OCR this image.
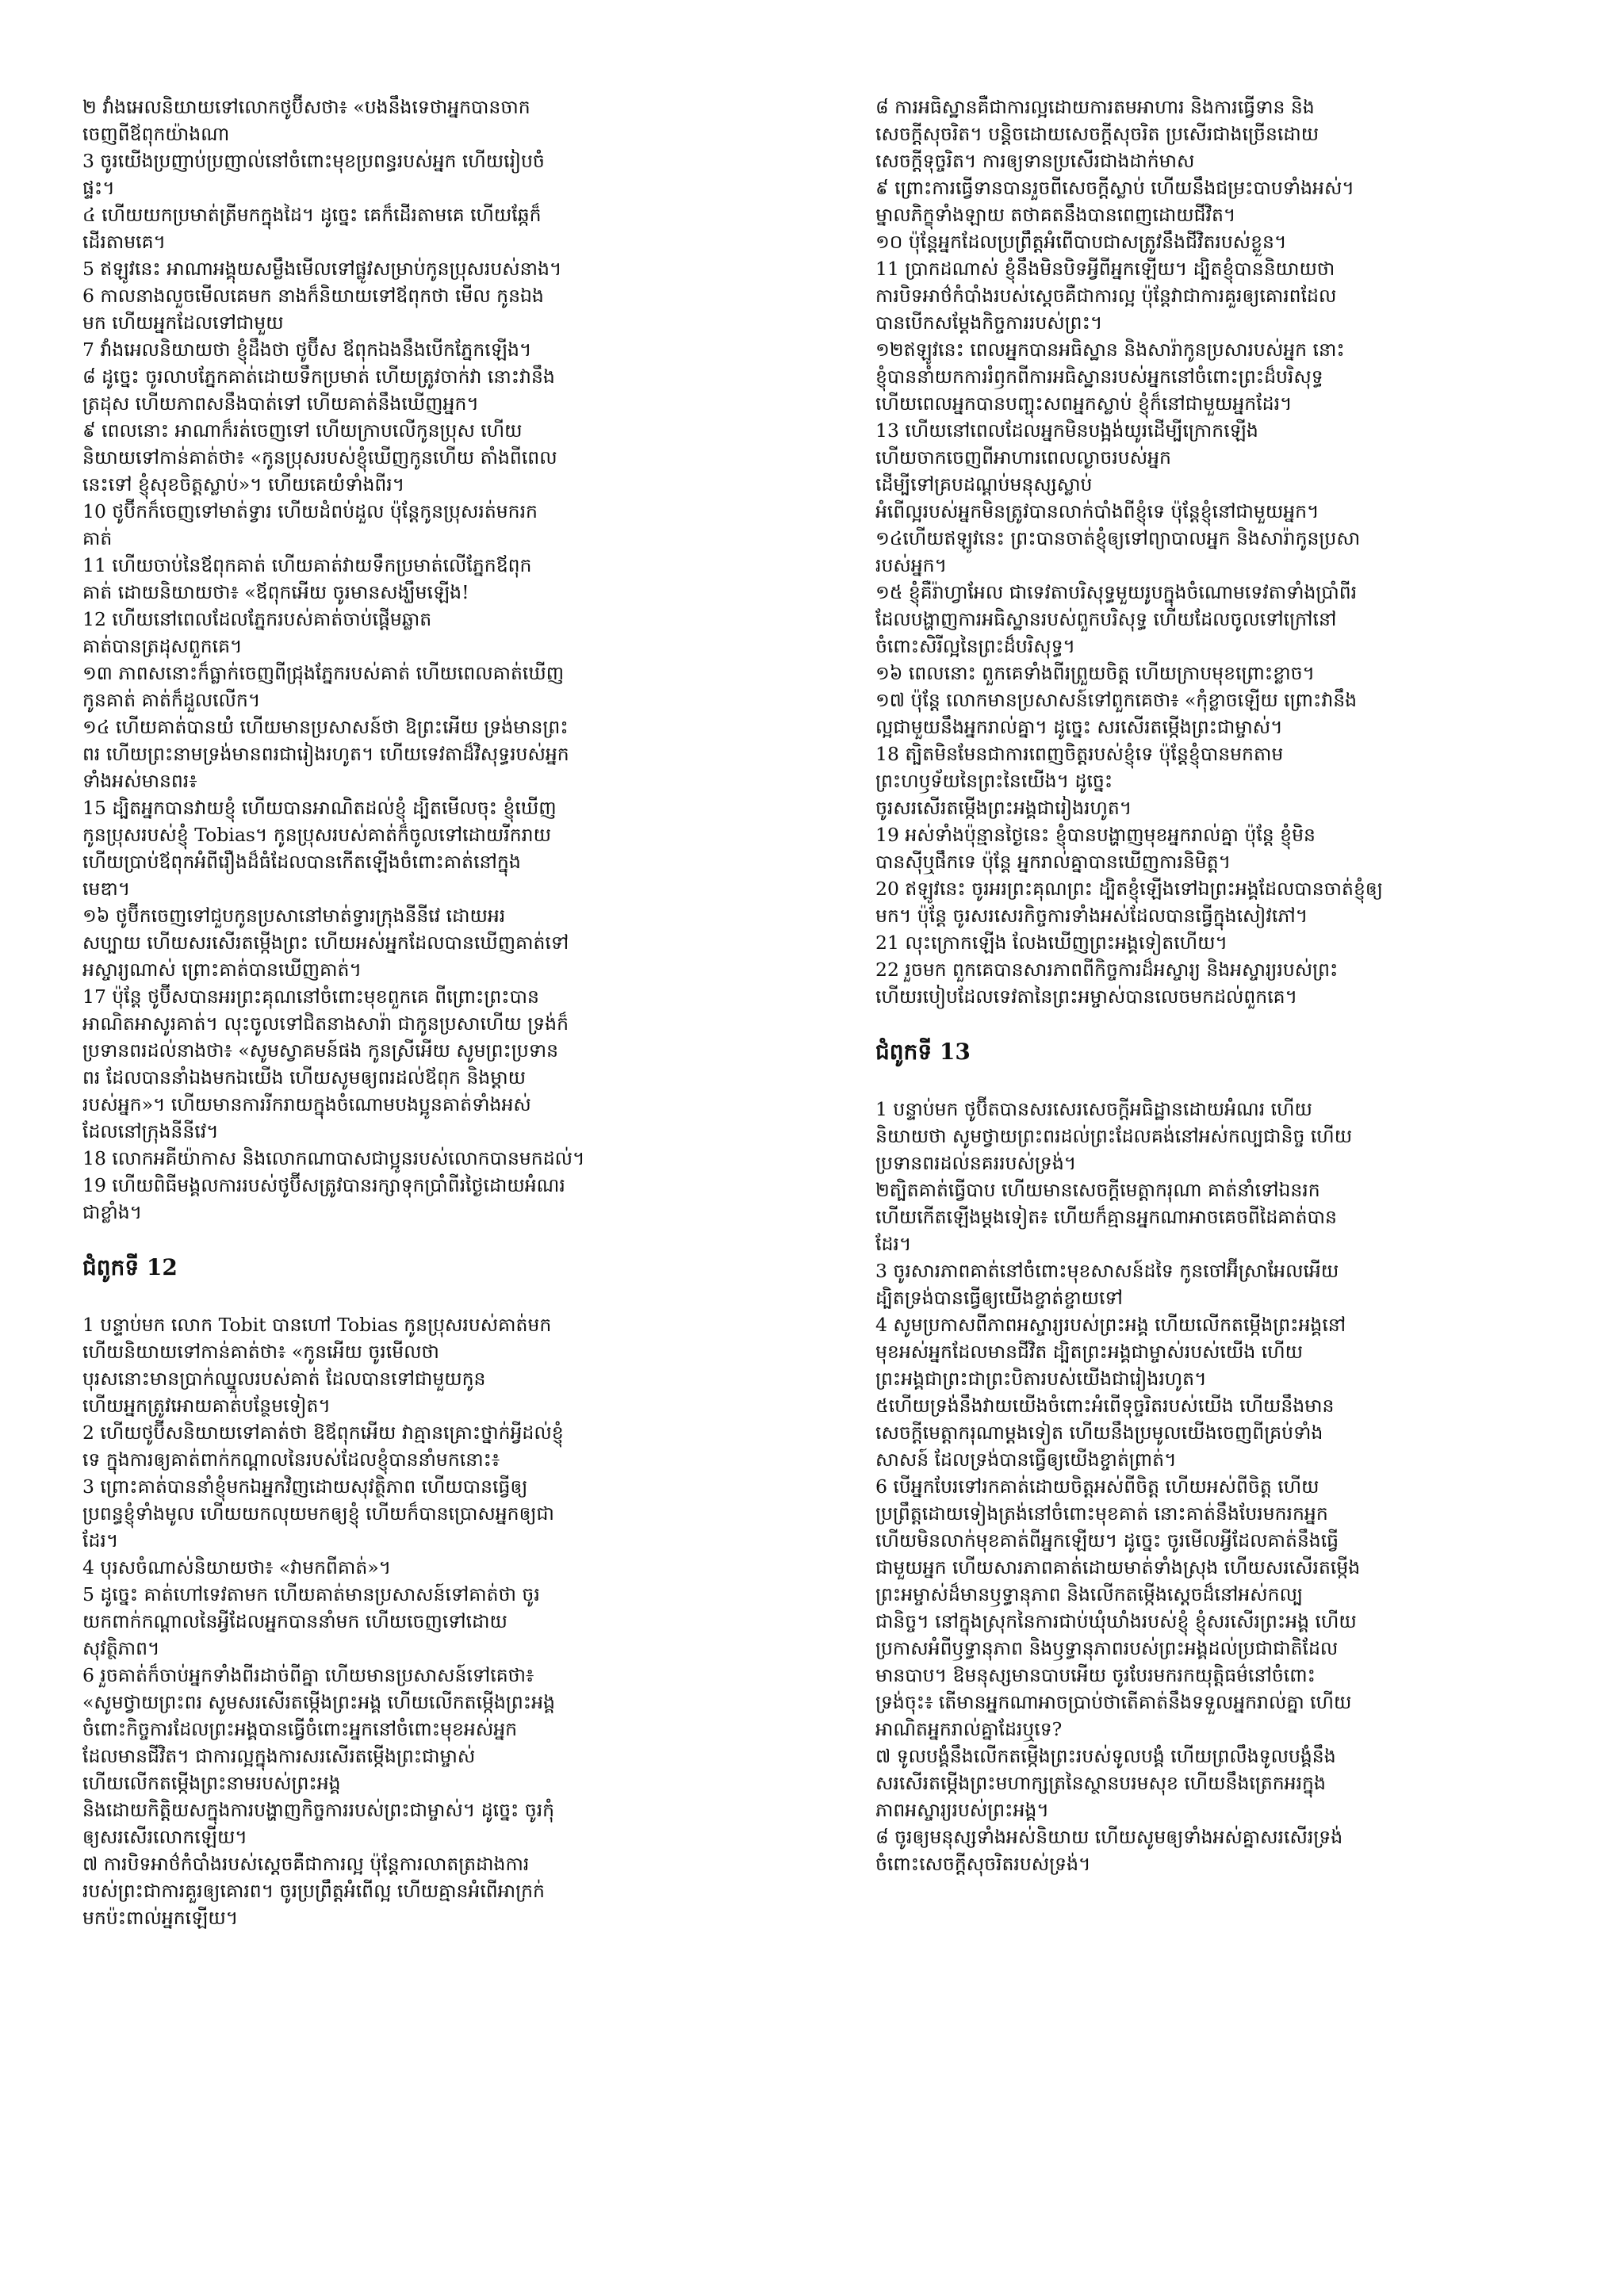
២ វាំងអេលនិយាយទៅលោកថូប៊ីសថា៖ «បងនឹងទេថាអ្នកបានចាក
ចេញពីឪពុកយ៉ាងណា

3 ចូរយើងប្រញាប់ប្រញាល់នៅចំពោះមុខប្រពន្ធរបស់អ្នក ហើយរៀបចំ
ផ្ទះ។

៤ ហើយយកប្រមាត់ត្រីមកក្នុងដៃ។ ដូច្នេះ គេក៏ដើរតាមគេ ហើយឆ្កែក៏
ដើរតាមគេ។

5 ឥឡូវនេះ អាណាអង្គុយសម្លឹងមើលទៅផ្លូវសម្រាប់កូនប្រុសរបស់នាង។

6 កាលនាងលួចមើលគេមក នាងក៏និយាយទៅឪពុកថា មើល កូនឯង
មក ហើយអ្នកដែលទៅជាមួយ

7 វាំងអេលនិយាយថា ខ្ញុំដឹងថា ថូប៊ីស ឪពុកឯងនឹងបើកភ្នែកឡើង។

៨ ដូច្នេះ ចូរលាបភ្នែកគាត់ដោយទឹកប្រមាត់ ហើយត្រូវចាក់វា នោះវានឹង
ត្រដុស ហើយភាពសនឹងបាត់ទៅ ហើយគាត់នឹងឃើញអ្នក។

៩ ពេលនោះ អាណាក៏រត់ចេញទៅ ហើយក្រាបលើកូនប្រុស ហើយ
និយាយទៅកាន់គាត់ថា៖ «កូនប្រុសរបស់ខ្ញុំឃើញកូនហើយ តាំងពីពេល
នេះទៅ ខ្ញុំសុខចិត្តស្លាប់»។ ហើយគេយំទាំងពីរ។

10 ថូប៊ីកក៏ចេញទៅមាត់ទ្វារ ហើយដំពប់ដួល ប៉ុន្តែកូនប្រុសរត់មករក
គាត់

11 ហើយចាប់នៃឪពុកគាត់ ហើយគាត់វាយទឹកប្រមាត់លើភ្នែកឪពុក
គាត់ ដោយនិយាយថា៖ «ឪពុកអើយ ចូរមានសង្ឃឹមឡើង!

12 ហើយនៅពេលដែលភ្នែករបស់គាត់ចាប់ផ្តើមឆ្លាត
គាត់បានត្រដុសពួកគេ។

១៣ ភាពសនោះក៏ធ្លាក់ចេញពីជ្រុងភ្នែករបស់គាត់ ហើយពេលគាត់ឃើញ
កូនគាត់ គាត់ក៏ដួលលើក។

១៤ ហើយគាត់បានយំ ហើយមានប្រសាសន៍ថា ឱព្រះអើយ ទ្រង់មានព្រះ
ពរ ហើយព្រះនាមទ្រង់មានពរជារៀងរហូត។ ហើយទេវតាដ៏វិសុទ្ធរបស់អ្នក
ទាំងអស់មានពរ៖

15 ដ្បិតអ្នកបានវាយខ្ញុំ ហើយបានអាណិតដល់ខ្ញុំ ដ្បិតមើលចុះ ខ្ញុំឃើញ
កូនប្រុសរបស់ខ្ញុំ Tobias។ កូនប្រុសរបស់គាត់ក៏ចូលទៅដោយរីករាយ
ហើយប្រាប់ឪពុកអំពីរឿងដ៏ធំដែលបានកើតឡើងចំពោះគាត់នៅក្នុង
មេឌា។

១៦ ថូប៊ីកចេញទៅជួបកូនប្រសានៅមាត់ទ្វារក្រុងនីនីវេ ដោយអរ
សប្បាយ ហើយសរសើរតម្កើងព្រះ ហើយអស់អ្នកដែលបានឃើញគាត់ទៅ
អស្ចារ្យណាស់ ព្រោះគាត់បានឃើញគាត់។

17 ប៉ុន្តែ ថូប៊ីសបានអរព្រះគុណនៅចំពោះមុខពួកគេ ពីព្រោះព្រះបាន
អាណិតអាសូរគាត់។ លុះចូលទៅជិតនាងសារ៉ា ជាកូនប្រសាហើយ ទ្រង់ក៏
ប្រទានពរដល់នាងថា៖ «សូមស្វាគមន៍ផង កូនស្រីអើយ សូមព្រះប្រទាន
ពរ ដែលបាននាំឯងមកឯយើង ហើយសូមឲ្យពរដល់ឪពុក និងម្ដាយ
របស់អ្នក»។ ហើយមានការរីករាយក្នុងចំណោមបងប្អូនគាត់ទាំងអស់
ដែលនៅក្រុងនីនីវេ។

18 លោកអគីយ៉ាកាស និងលោកណាបាសជាប្អូនរបស់លោកបានមកដល់។

19 ហើយពិធីមង្គលការរបស់ថូប៊ីសត្រូវបានរក្សាទុកប្រាំពីរថ្ងៃដោយអំណរ
ជាខ្លាំង។

ជំពូកទី 12

1 បន្ទាប់មក លោក Tobit បានហៅ Tobias កូនប្រុសរបស់គាត់មក
ហើយនិយាយទៅកាន់គាត់ថា៖ «កូនអើយ ចូរមើលថា
បុរសនោះមានប្រាក់ឈ្នួលរបស់គាត់ ដែលបានទៅជាមួយកូន
ហើយអ្នកត្រូវអោយគាត់បន្ថែមទៀត។

2 ហើយថូប៊ីសនិយាយទៅគាត់ថា ឱឪពុកអើយ វាគ្មានគ្រោះថ្នាក់អ្វីដល់ខ្ញុំ
ទេ ក្នុងការឲ្យគាត់ពាក់កណ្ដាលនៃរបស់ដែលខ្ញុំបាននាំមកនោះ៖

3 ព្រោះគាត់បាននាំខ្ញុំមកឯអ្នកវិញដោយសុវត្ថិភាព ហើយបានធ្វើឲ្យ
ប្រពន្ធខ្ញុំទាំងមូល ហើយយកលុយមកឲ្យខ្ញុំ ហើយក៏បានប្រោសអ្នកឲ្យជា
ដែរ។

4 បុរសចំណាស់និយាយថា៖ «វាមកពីគាត់»។

5 ដូច្នេះ គាត់ហៅទេវតាមក ហើយគាត់មានប្រសាសន៍ទៅគាត់ថា ចូរ
យកពាក់កណ្ដាលនៃអ្វីដែលអ្នកបាននាំមក ហើយចេញទៅដោយ
សុវត្ថិភាព។

6 រួចគាត់ក៏ចាប់អ្នកទាំងពីរដាច់ពីគ្នា ហើយមានប្រសាសន៍ទៅគេថា៖
«សូមថ្វាយព្រះពរ សូមសរសើរតម្កើងព្រះអង្គ ហើយលើកតម្កើងព្រះអង្គ
ចំពោះកិច្ចការដែលព្រះអង្គបានធ្វើចំពោះអ្នកនៅចំពោះមុខអស់អ្នក
ដែលមានជីវិត។ ជាការល្អក្នុងការសរសើរតម្កើងព្រះជាម្ចាស់
ហើយលើកតម្កើងព្រះនាមរបស់ព្រះអង្គ
និងដោយកិត្តិយសក្នុងការបង្ហាញកិច្ចការរបស់ព្រះជាម្ចាស់។ ដូច្នេះ ចូរកុំ
ឲ្យសរសើរលោកឡើយ។

៧ ការបិទអាថ៌កំបាំងរបស់ស្ដេចគឺជាការល្អ ប៉ុន្តែការលាតត្រដាងការ
របស់ព្រះជាការគួរឲ្យគោរព។ ចូរប្រព្រឹត្តអំពើល្អ ហើយគ្មានអំពើអាក្រក់
មកប៉ះពាល់អ្នកឡើយ។

៨ ការអធិស្ឋានគឺជាការល្អដោយការតមអាហារ និងការធ្វើទាន និង
សេចក្ដីសុចរិត។ បន្តិចដោយសេចក្ដីសុចរិត ប្រសើរជាងច្រើនដោយ
សេចក្ដីទុច្ចរិត។ ការឲ្យទានប្រសើរជាងដាក់មាស

៩ ព្រោះការធ្វើទានបានរួចពីសេចក្ដីស្លាប់ ហើយនឹងជម្រះបាបទាំងអស់។
ម្នាលភិក្ខុទាំងឡាយ តថាគតនឹងបានពេញដោយជីវិត។

១០ ប៉ុន្តែអ្នកដែលប្រព្រឹត្តអំពើបាបជាសត្រូវនឹងជីវិតរបស់ខ្លួន។

11 ប្រាកដណាស់ ខ្ញុំនឹងមិនបិទអ្វីពីអ្នកឡើយ។ ដ្បិតខ្ញុំបាននិយាយថា
ការបិទអាថ៌កំបាំងរបស់ស្តេចគឺជាការល្អ ប៉ុន្តែវាជាការគួរឲ្យគោរពដែល
បានបើកសម្ដែងកិច្ចការរបស់ព្រះ។

១២ឥឡូវនេះ ពេលអ្នកបានអធិស្ឋាន និងសារ៉ាកូនប្រសារបស់អ្នក នោះ
ខ្ញុំបាននាំយកការរំឭកពីការអធិស្ឋានរបស់អ្នកនៅចំពោះព្រះដ៏បរិសុទ្ធ
ហើយពេលអ្នកបានបញ្ចុះសពអ្នកស្លាប់ ខ្ញុំក៏នៅជាមួយអ្នកដែរ។

13 ហើយនៅពេលដែលអ្នកមិនបង្អង់យូរដើម្បីក្រោកឡើង
ហើយចាកចេញពីអាហារពេលល្ងាចរបស់អ្នក
ដើម្បីទៅគ្របដណ្តប់មនុស្សស្លាប់
អំពើល្អរបស់អ្នកមិនត្រូវបានលាក់បាំងពីខ្ញុំទេ ប៉ុន្តែខ្ញុំនៅជាមួយអ្នក។

១៤ហើយឥឡូវនេះ ព្រះបានចាត់ខ្ញុំឲ្យទៅព្យាបាលអ្នក និងសារ៉ាកូនប្រសា
របស់អ្នក។

១៥ ខ្ញុំគឺរ៉ាហ្វាអែល ជាទេវតាបរិសុទ្ធមួយរូបក្នុងចំណោមទេវតាទាំងប្រាំពីរ
ដែលបង្ហាញការអធិស្ឋានរបស់ពួកបរិសុទ្ធ ហើយដែលចូលទៅក្រៅនៅ
ចំពោះសិរីល្អនៃព្រះដ៏បរិសុទ្ធ។

១៦ ពេលនោះ ពួកគេទាំងពីរព្រួយចិត្ត ហើយក្រាបមុខព្រោះខ្លាច។

១៧ ប៉ុន្តែ លោកមានប្រសាសន៍ទៅពួកគេថា៖ «កុំខ្លាចឡើយ ព្រោះវានឹង
ល្អជាមួយនឹងអ្នករាល់គ្នា។ ដូច្នេះ សរសើរតម្កើងព្រះជាម្ចាស់។

18 ត្បិតមិនមែនជាការពេញចិត្តរបស់ខ្ញុំទេ ប៉ុន្តែខ្ញុំបានមកតាម
ព្រះហឫទ័យនៃព្រះនៃយើង។ ដូច្នេះ
ចូរសរសើរតម្កើងព្រះអង្គជារៀងរហូត។

19 អស់ទាំងប៉ុន្មានថ្ងៃនេះ ខ្ញុំបានបង្ហាញមុខអ្នករាល់គ្នា ប៉ុន្តែ ខ្ញុំមិន
បានស៊ីឬផឹកទេ ប៉ុន្តែ អ្នករាល់គ្នាបានឃើញការនិមិត្ត។

20 ឥឡូវនេះ ចូរអរព្រះគុណព្រះ ដ្បិតខ្ញុំឡើងទៅឯព្រះអង្គដែលបានចាត់ខ្ញុំឲ្យ
មក។ ប៉ុន្តែ ចូរសរសេរកិច្ចការទាំងអស់ដែលបានធ្វើក្នុងសៀវភៅ។

21 លុះក្រោកឡើង លែងឃើញព្រះអង្គទៀតហើយ។

22 រួចមក ពួកគេបានសារភាពពីកិច្ចការដ៏អស្ចារ្យ និងអស្ចារ្យរបស់ព្រះ
ហើយរបៀបដែលទេវតានៃព្រះអម្ចាស់បានលេចមកដល់ពួកគេ។

ជំពូកទី 13

1 បន្ទាប់មក ថូប៊ីតបានសរសេរសេចក្តីអធិដ្ឋានដោយអំណរ ហើយ
និយាយថា សូមថ្វាយព្រះពរដល់ព្រះដែលគង់នៅអស់កល្បជានិច្ច ហើយ
ប្រទានពរដល់នគររបស់ទ្រង់។

២ត្បិតគាត់ធ្វើបាប ហើយមានសេចក្តីមេត្តាករុណា គាត់នាំទៅឯនរក
ហើយកើតឡើងម្តងទៀត៖ ហើយក៏គ្មានអ្នកណាអាចគេចពីដៃគាត់បាន
ដែរ។

3 ចូរសារភាពគាត់នៅចំពោះមុខសាសន៍ដទៃ កូនចៅអ៊ីស្រាអែលអើយ
ដ្បិតទ្រង់បានធ្វើឲ្យយើងខ្ចាត់ខ្ចាយទៅ

4 សូមប្រកាសពីភាពអស្ចារ្យរបស់ព្រះអង្គ ហើយលើកតម្កើងព្រះអង្គនៅ
មុខអស់អ្នកដែលមានជីវិត ដ្បិតព្រះអង្គជាម្ចាស់របស់យើង ហើយ
ព្រះអង្គជាព្រះជាព្រះបិតារបស់យើងជារៀងរហូត។

៥ហើយទ្រង់នឹងវាយយើងចំពោះអំពើទុច្ចរិតរបស់យើង ហើយនឹងមាន
សេចក្តីមេត្តាករុណាម្តងទៀត ហើយនឹងប្រមូលយើងចេញពីគ្រប់ទាំង
សាសន៍ ដែលទ្រង់បានធ្វើឲ្យយើងខ្ចាត់ព្រាត់។

6 បើអ្នកបែរទៅរកគាត់ដោយចិត្តអស់ពីចិត្ត ហើយអស់ពីចិត្ត ហើយ
ប្រព្រឹត្តដោយទៀងត្រង់នៅចំពោះមុខគាត់ នោះគាត់នឹងបែរមករកអ្នក
ហើយមិនលាក់មុខគាត់ពីអ្នកឡើយ។ ដូច្នេះ ចូរមើលអ្វីដែលគាត់នឹងធ្វើ
ជាមួយអ្នក ហើយសារភាពគាត់ដោយមាត់ទាំងស្រុង ហើយសរសើរតម្កើង
ព្រះអម្ចាស់ដ៏មានឫទ្ធានុភាព និងលើកតម្កើងស្ដេចដ៏នៅអស់កល្ប
ជានិច្ច។ នៅក្នុងស្រុកនៃការជាប់ឃុំឃាំងរបស់ខ្ញុំ ខ្ញុំសរសើរព្រះអង្គ ហើយ
ប្រកាសអំពីឫទ្ធានុភាព និងឫទ្ធានុភាពរបស់ព្រះអង្គដល់ប្រជាជាតិដែល
មានបាប។ ឱមនុស្សមានបាបអើយ ចូរបែរមករកយុត្តិធម៌នៅចំពោះ
ទ្រង់ចុះ៖ តើមានអ្នកណាអាចប្រាប់ថាតើគាត់នឹងទទួលអ្នករាល់គ្នា ហើយ
អាណិតអ្នករាល់គ្នាដែរឬទេ?

៧ ទូលបង្គំនឹងលើកតម្កើងព្រះរបស់ទូលបង្គំ ហើយព្រលឹងទូលបង្គំនឹង
សរសើរតម្កើងព្រះមហាក្សត្រនៃស្ថានបរមសុខ ហើយនឹងត្រេកអរក្នុង
ភាពអស្ចារ្យរបស់ព្រះអង្គ។

៨ ចូរឲ្យមនុស្សទាំងអស់និយាយ ហើយសូមឲ្យទាំងអស់គ្នាសរសើរទ្រង់
ចំពោះសេចក្តីសុចរិតរបស់ទ្រង់។
